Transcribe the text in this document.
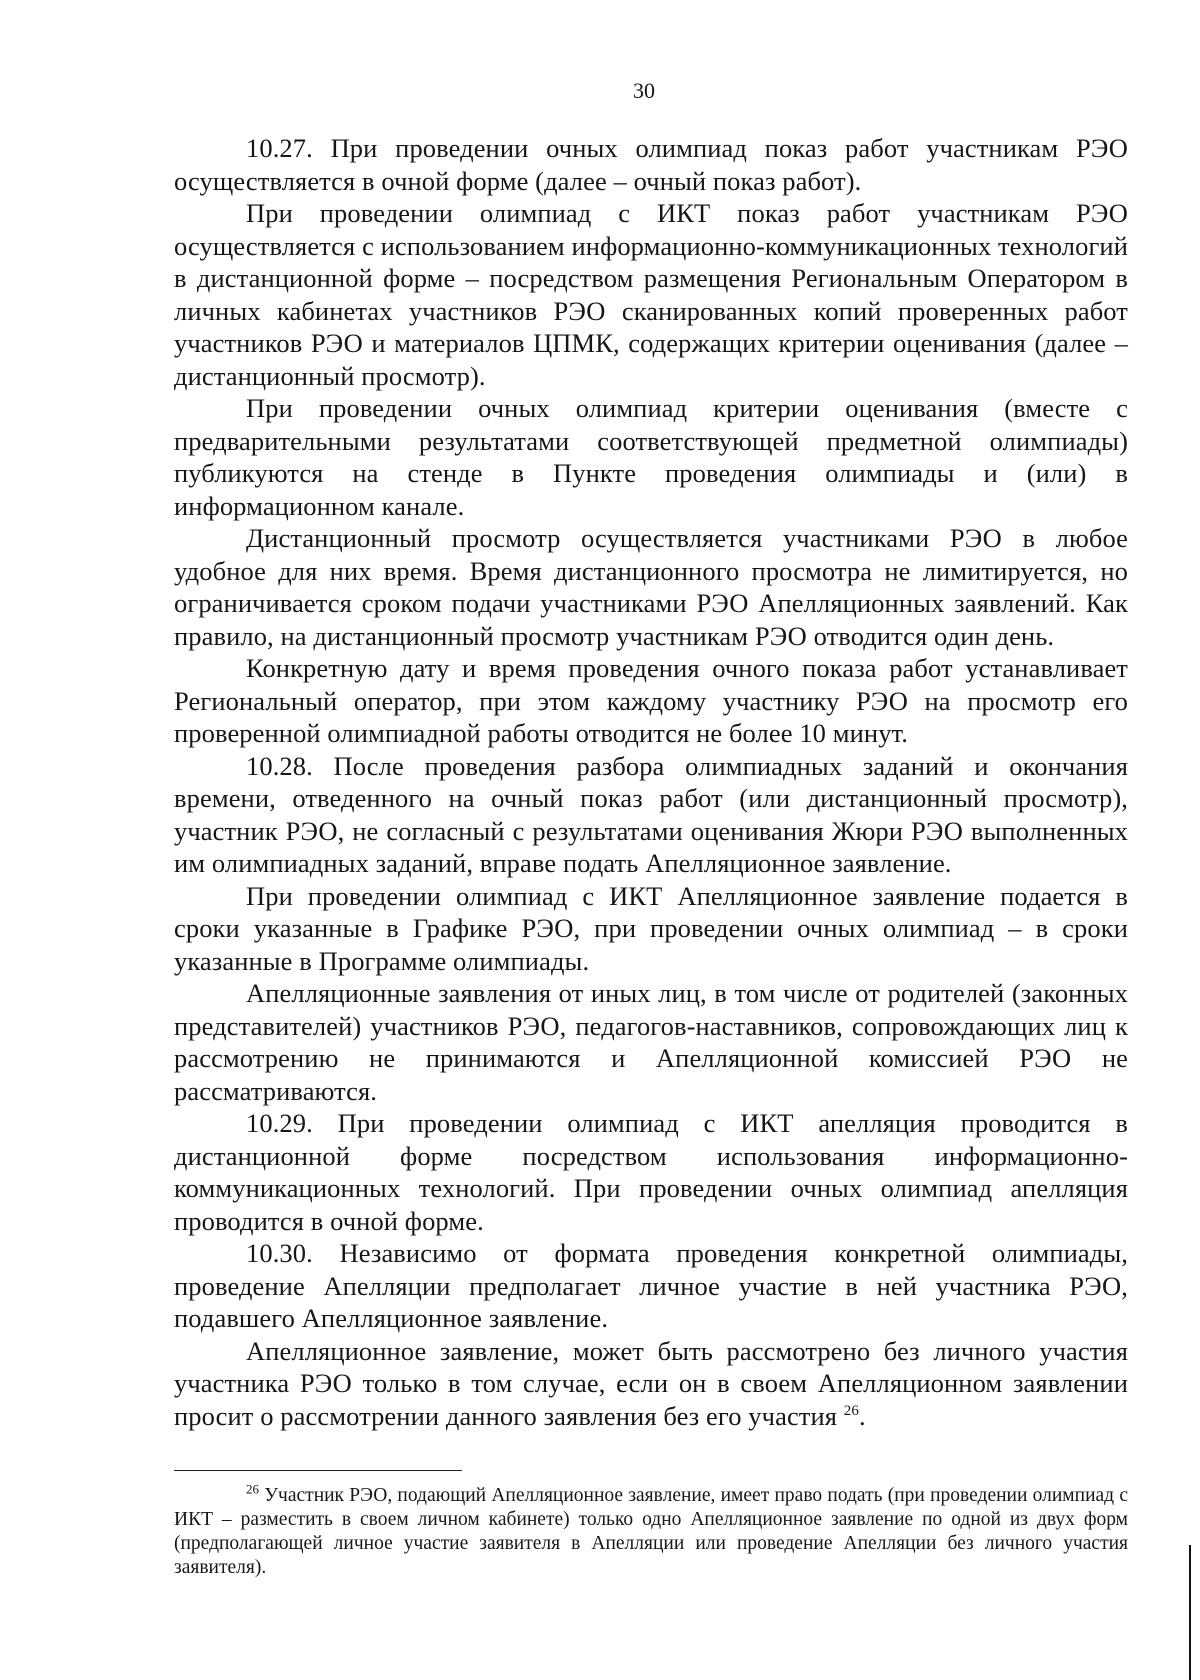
30

10.27. При проведении очных олимпиад показ работ участникам РЭО осуществляется в очной форме (далее – очный показ работ).

При проведении олимпиад с ИКТ показ работ участникам РЭО осуществляется с использованием информационно-коммуникационных технологий в дистанционной форме – посредством размещения Региональным Оператором в личных кабинетах участников РЭО сканированных копий проверенных работ участников РЭО и материалов ЦПМК, содержащих критерии оценивания (далее – дистанционный просмотр).

При проведении очных олимпиад критерии оценивания (вместе с предварительными результатами соответствующей предметной олимпиады) публикуются на стенде в Пункте проведения олимпиады и (или) в информационном канале.

Дистанционный просмотр осуществляется участниками РЭО в любое удобное для них время. Время дистанционного просмотра не лимитируется, но ограничивается сроком подачи участниками РЭО Апелляционных заявлений. Как правило, на дистанционный просмотр участникам РЭО отводится один день.

Конкретную дату и время проведения очного показа работ устанавливает Региональный оператор, при этом каждому участнику РЭО на просмотр его проверенной олимпиадной работы отводится не более 10 минут.

10.28. После проведения разбора олимпиадных заданий и окончания времени, отведенного на очный показ работ (или дистанционный просмотр), участник РЭО, не согласный с результатами оценивания Жюри РЭО выполненных им олимпиадных заданий, вправе подать Апелляционное заявление.

При проведении олимпиад с ИКТ Апелляционное заявление подается в сроки указанные в Графике РЭО, при проведении очных олимпиад – в сроки указанные в Программе олимпиады.

Апелляционные заявления от иных лиц, в том числе от родителей (законных представителей) участников РЭО, педагогов-наставников, сопровождающих лиц к рассмотрению не принимаются и Апелляционной комиссией РЭО не рассматриваются.

10.29. При проведении олимпиад с ИКТ апелляция проводится в дистанционной форме посредством использования информационно-коммуникационных технологий. При проведении очных олимпиад апелляция проводится в очной форме.

10.30. Независимо от формата проведения конкретной олимпиады, проведение Апелляции предполагает личное участие в ней участника РЭО, подавшего Апелляционное заявление.

Апелляционное заявление, может быть рассмотрено без личного участия участника РЭО только в том случае, если он в своем Апелляционном заявлении просит о рассмотрении данного заявления без его участия $^{26}$.

$^{26}$ Участник РЭО, подающий Апелляционное заявление, имеет право подать (при проведении олимпиад с ИКТ – разместить в своем личном кабинете) только одно Апелляционное заявление по одной из двух форм (предполагающей личное участие заявителя в Апелляции или проведение Апелляции без личного участия заявителя).
